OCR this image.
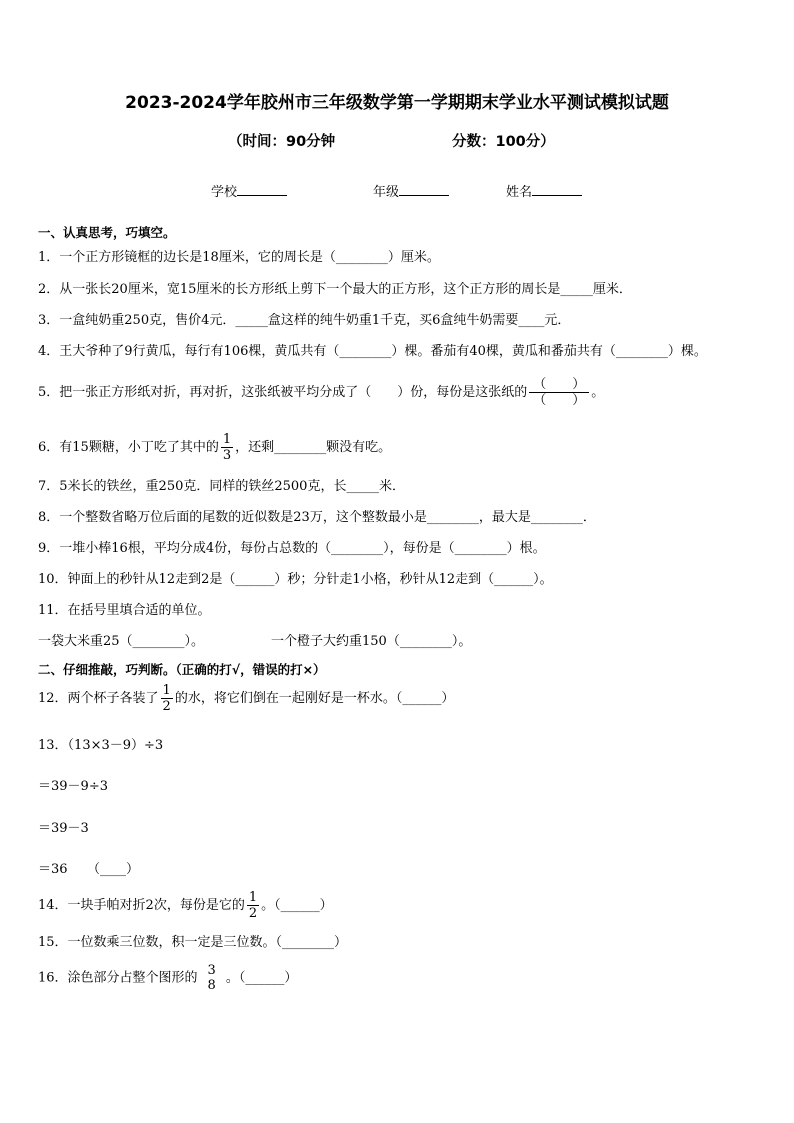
2023-2024学年胶州市三年级数学第一学期期末学业水平测试模拟试题
（时间：90分钟	分数：100分）
学校	年级	姓名
一、认真思考，巧填空。
1．一个正方形镜框的边长是18厘米，它的周长是（________）厘米。
2．从一张长20厘米，宽15厘米的长方形纸上剪下一个最大的正方形，这个正方形的周长是_____厘米．
3．一盒纯奶重250克，售价4元．_____盒这样的纯牛奶重1千克，买6盒纯牛奶需要____元．
4．王大爷种了9行黄瓜，每行有106棵，黄瓜共有（________）棵。番茄有40棵，黄瓜和番茄共有（________）棵。
5．把一张正方形纸对折，再对折，这张纸被平均分成了（　　）份，每份是这张纸的 $\frac{( )}{( )}$ 。
6．有15颗糖，小丁吃了其中的 $\frac{1}{3}$ ，还剩________颗没有吃。
7．5米长的铁丝，重250克．同样的铁丝2500克，长_____米．
8．一个整数省略万位后面的尾数的近似数是23万，这个整数最小是________，最大是________．
9．一堆小棒16根，平均分成4份，每份占总数的（________），每份是（________）根。
10．钟面上的秒针从12走到2是（______）秒；分针走1小格，秒针从12走到（______）。
11．在括号里填合适的单位。
一袋大米重25（________）。	一个橙子大约重150（________）。
二、仔细推敲，巧判断。（正确的打√，错误的打×）
12．两个杯子各装了 $\frac{1}{2}$ 的水，将它们倒在一起刚好是一杯水。（______）
13．（13×3－9）÷3
＝39－9÷3
＝39－3
＝36　　（____）
14．一块手帕对折2次，每份是它的 $\frac{1}{2}$ 。（______）
15．一位数乘三位数，积一定是三位数。（________）
16．涂色部分占整个图形的 3
8 。（______）
